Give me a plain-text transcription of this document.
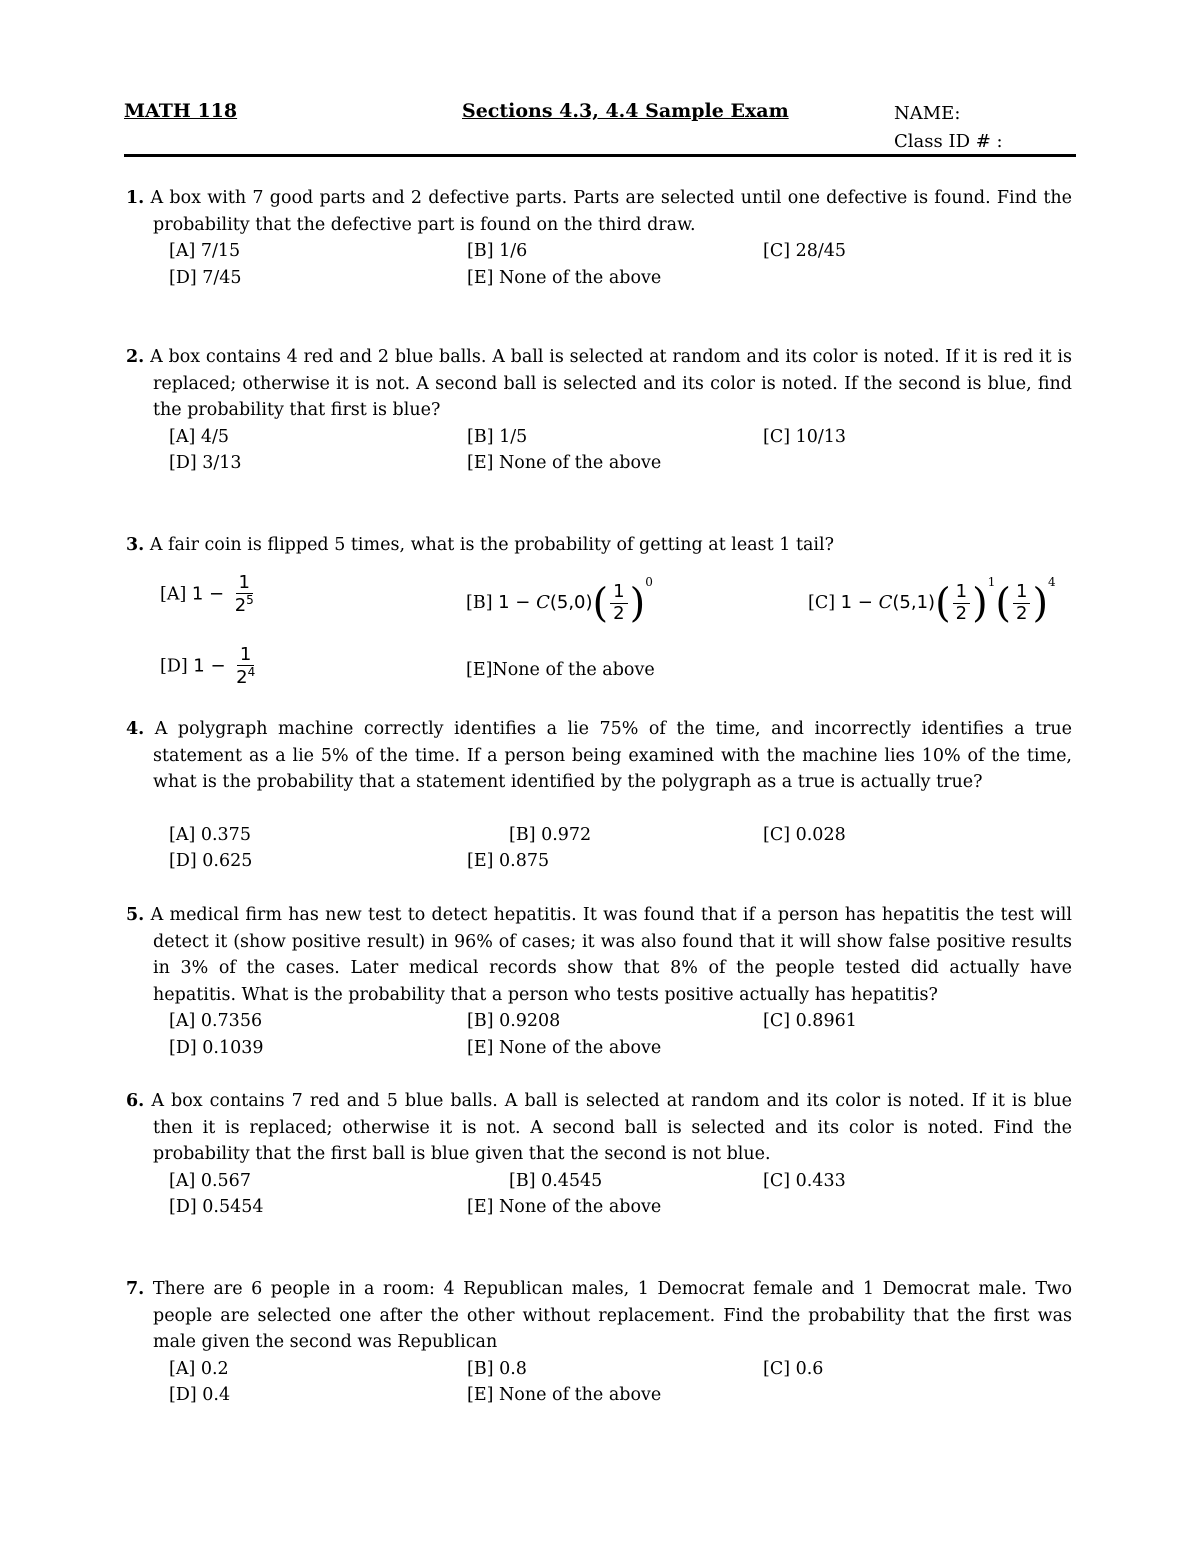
MATH 118	Sections 4.3, 4.4 Sample Exam	NAME:
Class ID # :
1. A box with 7 good parts and 2 defective parts. Parts are selected until one defective is found. Find the probability that the defective part is found on the third draw.
[A] 7/15	[B] 1/6	[C] 28/45
[D] 7/45	[E] None of the above
2. A box contains 4 red and 2 blue balls. A ball is selected at random and its color is noted. If it is red it is replaced; otherwise it is not. A second ball is selected and its color is noted. If the second is blue, find the probability that first is blue?
[A] 4/5	[B] 1/5	[C] 10/13
[D] 3/13	[E] None of the above
3. A fair coin is flipped 5 times, what is the probability of getting at least 1 tail?
[A] $1 - \frac{1}{2^5}$	[B] $1 - C(5,0)( \frac{1}{2} )^0$
[C] $1 - C(5,1)( \frac{1}{2} )^1( \frac{1}{2} )^4$
[D] $1 - \frac{1}{2^4}$	[E]None of the above
4. A polygraph machine correctly identifies a lie 75% of the time, and incorrectly identifies a true statement as a lie 5% of the time. If a person being examined with the machine lies 10% of the time, what is the probability that a statement identified by the polygraph as a true is actually true?
[A] 0.375	[B] 0.972	[C] 0.028
[D] 0.625	[E] 0.875
5. A medical firm has new test to detect hepatitis. It was found that if a person has hepatitis the test will detect it (show positive result) in 96% of cases; it was also found that it will show false positive results in 3% of the cases. Later medical records show that 8% of the people tested did actually have hepatitis. What is the probability that a person who tests positive actually has hepatitis?
[A] 0.7356	[B] 0.9208	[C] 0.8961
[D] 0.1039	[E] None of the above
6. A box contains 7 red and 5 blue balls. A ball is selected at random and its color is noted. If it is blue then it is replaced; otherwise it is not. A second ball is selected and its color is noted. Find the probability that the first ball is blue given that the second is not blue.
[A] 0.567	[B] 0.4545	[C] 0.433
[D] 0.5454	[E] None of the above
7. There are 6 people in a room: 4 Republican males, 1 Democrat female and 1 Democrat male. Two people are selected one after the other without replacement. Find the probability that the first was male given the second was Republican
[A] 0.2	[B] 0.8	[C] 0.6
[D] 0.4	[E] None of the above
